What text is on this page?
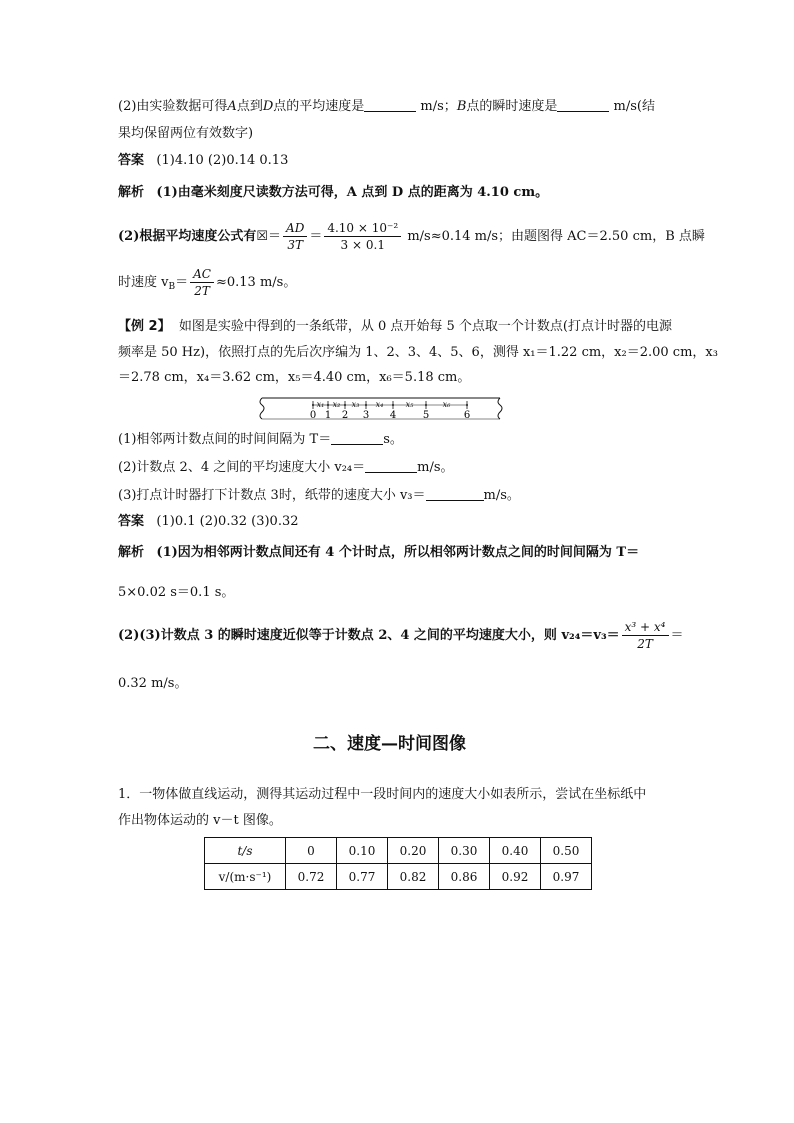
(2)由实验数据可得A点到D点的平均速度是	m/s；B点的瞬时速度是	m/s(结
果均保留两位有效数字)
答案 (1)4.10 (2)0.14 0.13
解析 (1)由毫米刻度尺读数方法可得，A 点到 D 点的距离为 4.10 cm。
(2)根据平均速度公式有☒＝ $\frac{AD}{3T} = \frac{\text{4.10 × 10⁻²}}{3 \times 0.1} m/s\approx 0.14$ m/s；由题图得 AC＝2.50 cm，B 点瞬
时速度 $v_B= \frac{AC}{2T} \approx 0.13$ m/s。
【例 2】 如图是实验中得到的一条纸带，从 0 点开始每 5 个点取一个计数点(打点计时器的电源
频率是 50 Hz)，依照打点的先后次序编为 1、2、3、4、5、6，测得 x₁＝1.22 cm，x₂＝2.00 cm，x₃
＝2.78 cm，x₄＝3.62 cm，x₅＝4.40 cm，x₆＝5.18 cm。
0 1 2 3 4	5	6
x₁ x₂ x₃ x₄	x₅	x₆
(1)相邻两计数点间的时间间隔为 T＝	s。
(2)计数点 2、4 之间的平均速度大小 v₂₄＝	m/s。
(3)打点计时器打下计数点 3时，纸带的速度大小 v₃＝	m/s。
答案 (1)0.1 (2)0.32 (3)0.32
解析 (1)因为相邻两计数点间还有 4 个计时点，所以相邻两计数点之间的时间间隔为 T＝
5×0.02 s＝0.1 s。
(2)(3)计数点 3 的瞬时速度近似等于计数点 2、4 之间的平均速度大小，则 $v_{24}=v_3= \frac{\text{x³ + x⁴}}{2T}$ ＝
0.32 m/s。
二、速度—时间图像
1．一物体做直线运动，测得其运动过程中一段时间内的速度大小如表所示，尝试在坐标纸中
作出物体运动的 v－t 图像。
t/s	0	0.10	0.20	0.30	0.40	0.50
v/(m·s⁻¹)	0.72	0.77	0.82	0.86	0.92	0.97
